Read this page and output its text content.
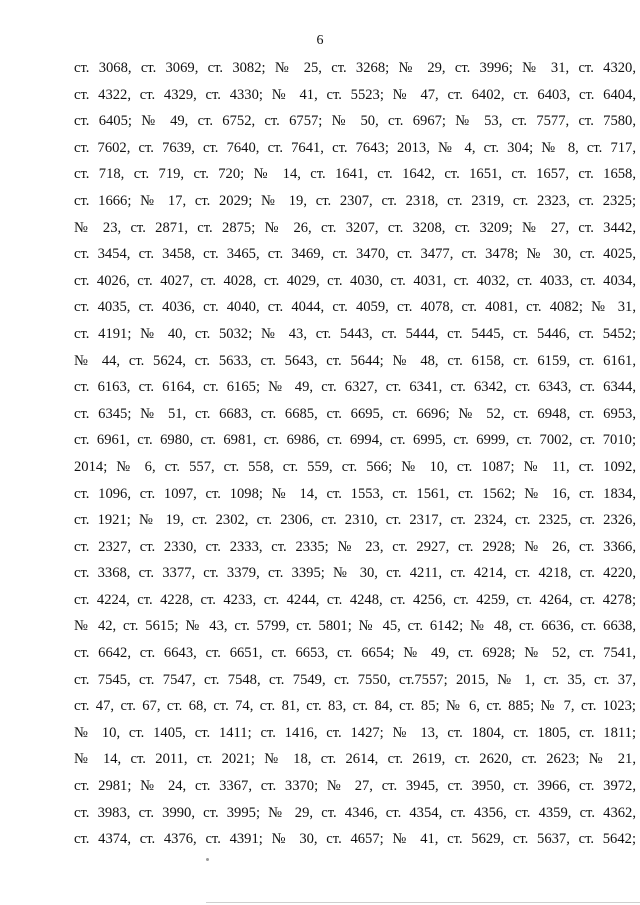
6
ст. 3068, ст. 3069, ст. 3082; № 25, ст. 3268; № 29, ст. 3996; № 31, ст. 4320,
ст. 4322, ст. 4329, ст. 4330; № 41, ст. 5523; № 47, ст. 6402, ст. 6403, ст. 6404,
ст. 6405; № 49, ст. 6752, ст. 6757; № 50, ст. 6967; № 53, ст. 7577, ст. 7580,
ст. 7602, ст. 7639, ст. 7640, ст. 7641, ст. 7643; 2013, № 4, ст. 304; № 8, ст. 717,
ст. 718, ст. 719, ст. 720; № 14, ст. 1641, ст. 1642, ст. 1651, ст. 1657, ст. 1658,
ст. 1666; № 17, ст. 2029; № 19, ст. 2307, ст. 2318, ст. 2319, ст. 2323, ст. 2325;
№ 23, ст. 2871, ст. 2875; № 26, ст. 3207, ст. 3208, ст. 3209; № 27, ст. 3442,
ст. 3454, ст. 3458, ст. 3465, ст. 3469, ст. 3470, ст. 3477, ст. 3478; № 30, ст. 4025,
ст. 4026, ст. 4027, ст. 4028, ст. 4029, ст. 4030, ст. 4031, ст. 4032, ст. 4033, ст. 4034,
ст. 4035, ст. 4036, ст. 4040, ст. 4044, ст. 4059, ст. 4078, ст. 4081, ст. 4082; № 31,
ст. 4191; № 40, ст. 5032; № 43, ст. 5443, ст. 5444, ст. 5445, ст. 5446, ст. 5452;
№ 44, ст. 5624, ст. 5633, ст. 5643, ст. 5644; № 48, ст. 6158, ст. 6159, ст. 6161,
ст. 6163, ст. 6164, ст. 6165; № 49, ст. 6327, ст. 6341, ст. 6342, ст. 6343, ст. 6344,
ст. 6345; № 51, ст. 6683, ст. 6685, ст. 6695, ст. 6696; № 52, ст. 6948, ст. 6953,
ст. 6961, ст. 6980, ст. 6981, ст. 6986, ст. 6994, ст. 6995, ст. 6999, ст. 7002, ст. 7010;
2014; № 6, ст. 557, ст. 558, ст. 559, ст. 566; № 10, ст. 1087; № 11, ст. 1092,
ст. 1096, ст. 1097, ст. 1098; № 14, ст. 1553, ст. 1561, ст. 1562; № 16, ст. 1834,
ст. 1921; № 19, ст. 2302, ст. 2306, ст. 2310, ст. 2317, ст. 2324, ст. 2325, ст. 2326,
ст. 2327, ст. 2330, ст. 2333, ст. 2335; № 23, ст. 2927, ст. 2928; № 26, ст. 3366,
ст. 3368, ст. 3377, ст. 3379, ст. 3395; № 30, ст. 4211, ст. 4214, ст. 4218, ст. 4220,
ст. 4224, ст. 4228, ст. 4233, ст. 4244, ст. 4248, ст. 4256, ст. 4259, ст. 4264, ст. 4278;
№ 42, ст. 5615; № 43, ст. 5799, ст. 5801; № 45, ст. 6142; № 48, ст. 6636, ст. 6638,
ст. 6642, ст. 6643, ст. 6651, ст. 6653, ст. 6654; № 49, ст. 6928; № 52, ст. 7541,
ст. 7545, ст. 7547, ст. 7548, ст. 7549, ст. 7550, ст.7557; 2015, № 1, ст. 35, ст. 37,
ст. 47, ст. 67, ст. 68, ст. 74, ст. 81, ст. 83, ст. 84, ст. 85; № 6, ст. 885; № 7, ст. 1023;
№ 10, ст. 1405, ст. 1411; ст. 1416, ст. 1427; № 13, ст. 1804, ст. 1805, ст. 1811;
№ 14, ст. 2011, ст. 2021; № 18, ст. 2614, ст. 2619, ст. 2620, ст. 2623; № 21,
ст. 2981; № 24, ст. 3367, ст. 3370; № 27, ст. 3945, ст. 3950, ст. 3966, ст. 3972,
ст. 3983, ст. 3990, ст. 3995; № 29, ст. 4346, ст. 4354, ст. 4356, ст. 4359, ст. 4362,
ст. 4374, ст. 4376, ст. 4391; № 30, ст. 4657; № 41, ст. 5629, ст. 5637, ст. 5642;
